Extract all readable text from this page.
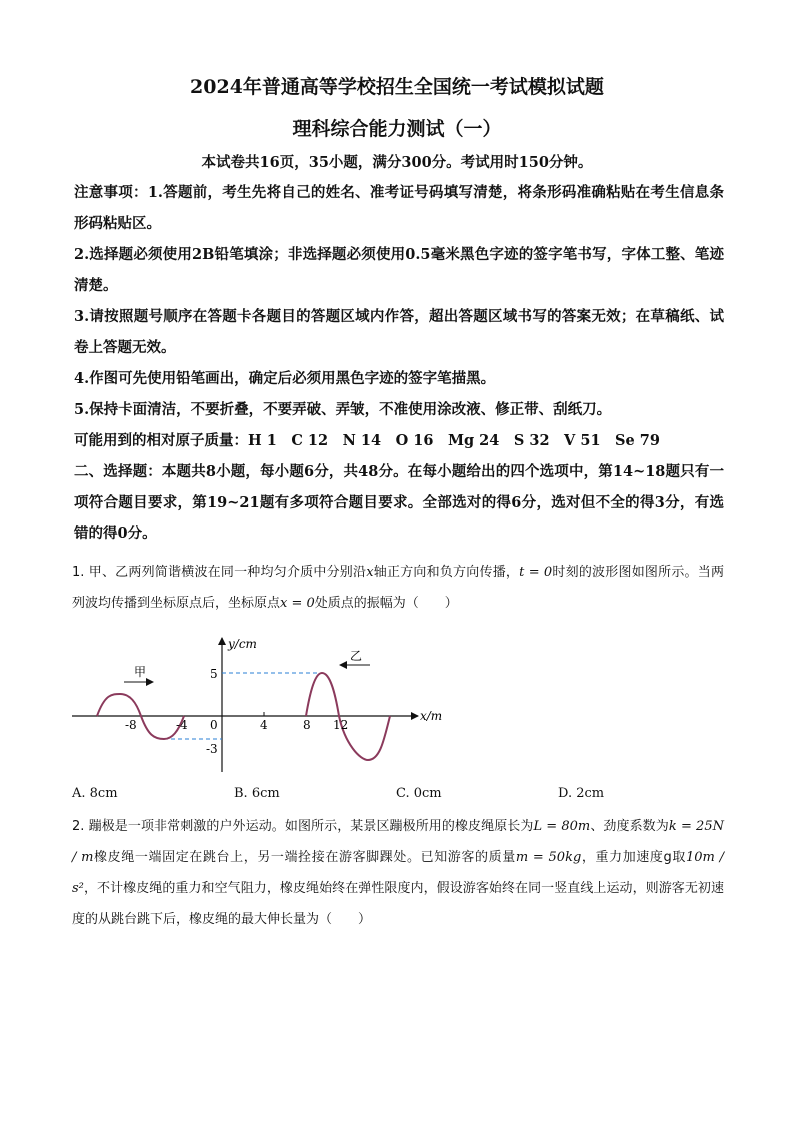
2024年普通高等学校招生全国统一考试模拟试题
理科综合能力测试（一）
本试卷共16页，35小题，满分300分。考试用时150分钟。
注意事项：1.答题前，考生先将自己的姓名、准考证号码填写清楚，将条形码准确粘贴在考生信息条形码粘贴区。
2.选择题必须使用2B铅笔填涂；非选择题必须使用0.5毫米黑色字迹的签字笔书写，字体工整、笔迹清楚。
3.请按照题号顺序在答题卡各题目的答题区域内作答，超出答题区域书写的答案无效；在草稿纸、试卷上答题无效。
4.作图可先使用铅笔画出，确定后必须用黑色字迹的签字笔描黑。
5.保持卡面清洁，不要折叠，不要弄破、弄皱，不准使用涂改液、修正带、刮纸刀。
可能用到的相对原子质量：H 1　C 12　N 14　O 16　Mg 24　S 32　V 51　Se 79
二、选择题：本题共8小题，每小题6分，共48分。在每小题给出的四个选项中，第14~18题只有一项符合题目要求，第19~21题有多项符合题目要求。全部选对的得6分，选对但不全的得3分，有选错的得0分。
1. 甲、乙两列简谐横波在同一种均匀介质中分别沿x轴正方向和负方向传播，t = 0时刻的波形图如图所示。当两列波均传播到坐标原点后，坐标原点x = 0处质点的振幅为（　　）
y/cm
x/m
甲
乙
-8	-4 0	4	8 12
5
-3
A. 8cm	B. 6cm	C. 0cm	D. 2cm
2. 蹦极是一项非常刺激的户外运动。如图所示，某景区蹦极所用的橡皮绳原长为L = 80m、劲度系数为k = 25N / m橡皮绳一端固定在跳台上，另一端拴接在游客脚踝处。已知游客的质量m = 50kg，重力加速度g取10m / s²，不计橡皮绳的重力和空气阻力，橡皮绳始终在弹性限度内，假设游客始终在同一竖直线上运动，则游客无初速度的从跳台跳下后，橡皮绳的最大伸长量为（　　）
